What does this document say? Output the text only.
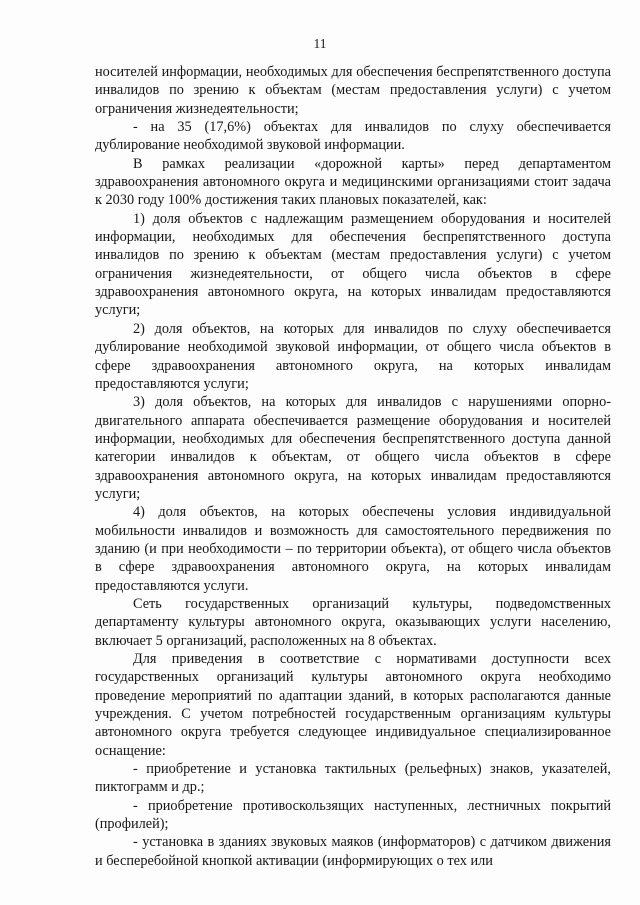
11

носителей информации, необходимых для обеспечения беспрепятственного доступа инвалидов по зрению к объектам (местам предоставления услуги) с учетом ограничения жизнедеятельности;

- на 35 (17,6%) объектах для инвалидов по слуху обеспечивается дублирование необходимой звуковой информации.

В рамках реализации «дорожной карты» перед департаментом здравоохранения автономного округа и медицинскими организациями стоит задача к 2030 году 100% достижения таких плановых показателей, как:

1) доля объектов с надлежащим размещением оборудования и носителей информации, необходимых для обеспечения беспрепятственного доступа инвалидов по зрению к объектам (местам предоставления услуги) с учетом ограничения жизнедеятельности, от общего числа объектов в сфере здравоохранения автономного округа, на которых инвалидам предоставляются услуги;

2) доля объектов, на которых для инвалидов по слуху обеспечивается дублирование необходимой звуковой информации, от общего числа объектов в сфере здравоохранения автономного округа, на которых инвалидам предоставляются услуги;

3) доля объектов, на которых для инвалидов с нарушениями опорно-двигательного аппарата обеспечивается размещение оборудования и носителей информации, необходимых для обеспечения беспрепятственного доступа данной категории инвалидов к объектам, от общего числа объектов в сфере здравоохранения автономного округа, на которых инвалидам предоставляются услуги;

4) доля объектов, на которых обеспечены условия индивидуальной мобильности инвалидов и возможность для самостоятельного передвижения по зданию (и при необходимости – по территории объекта), от общего числа объектов в сфере здравоохранения автономного округа, на которых инвалидам предоставляются услуги.

Сеть государственных организаций культуры, подведомственных департаменту культуры автономного округа, оказывающих услуги населению, включает 5 организаций, расположенных на 8 объектах.

Для приведения в соответствие с нормативами доступности всех государственных организаций культуры автономного округа необходимо проведение мероприятий по адаптации зданий, в которых располагаются данные учреждения. С учетом потребностей государственным организациям культуры автономного округа требуется следующее индивидуальное специализированное оснащение:

- приобретение и установка тактильных (рельефных) знаков, указателей, пиктограмм и др.;

- приобретение противоскользящих наступенных, лестничных покрытий (профилей);

- установка в зданиях звуковых маяков (информаторов) с датчиком движения и бесперебойной кнопкой активации (информирующих о тех или
